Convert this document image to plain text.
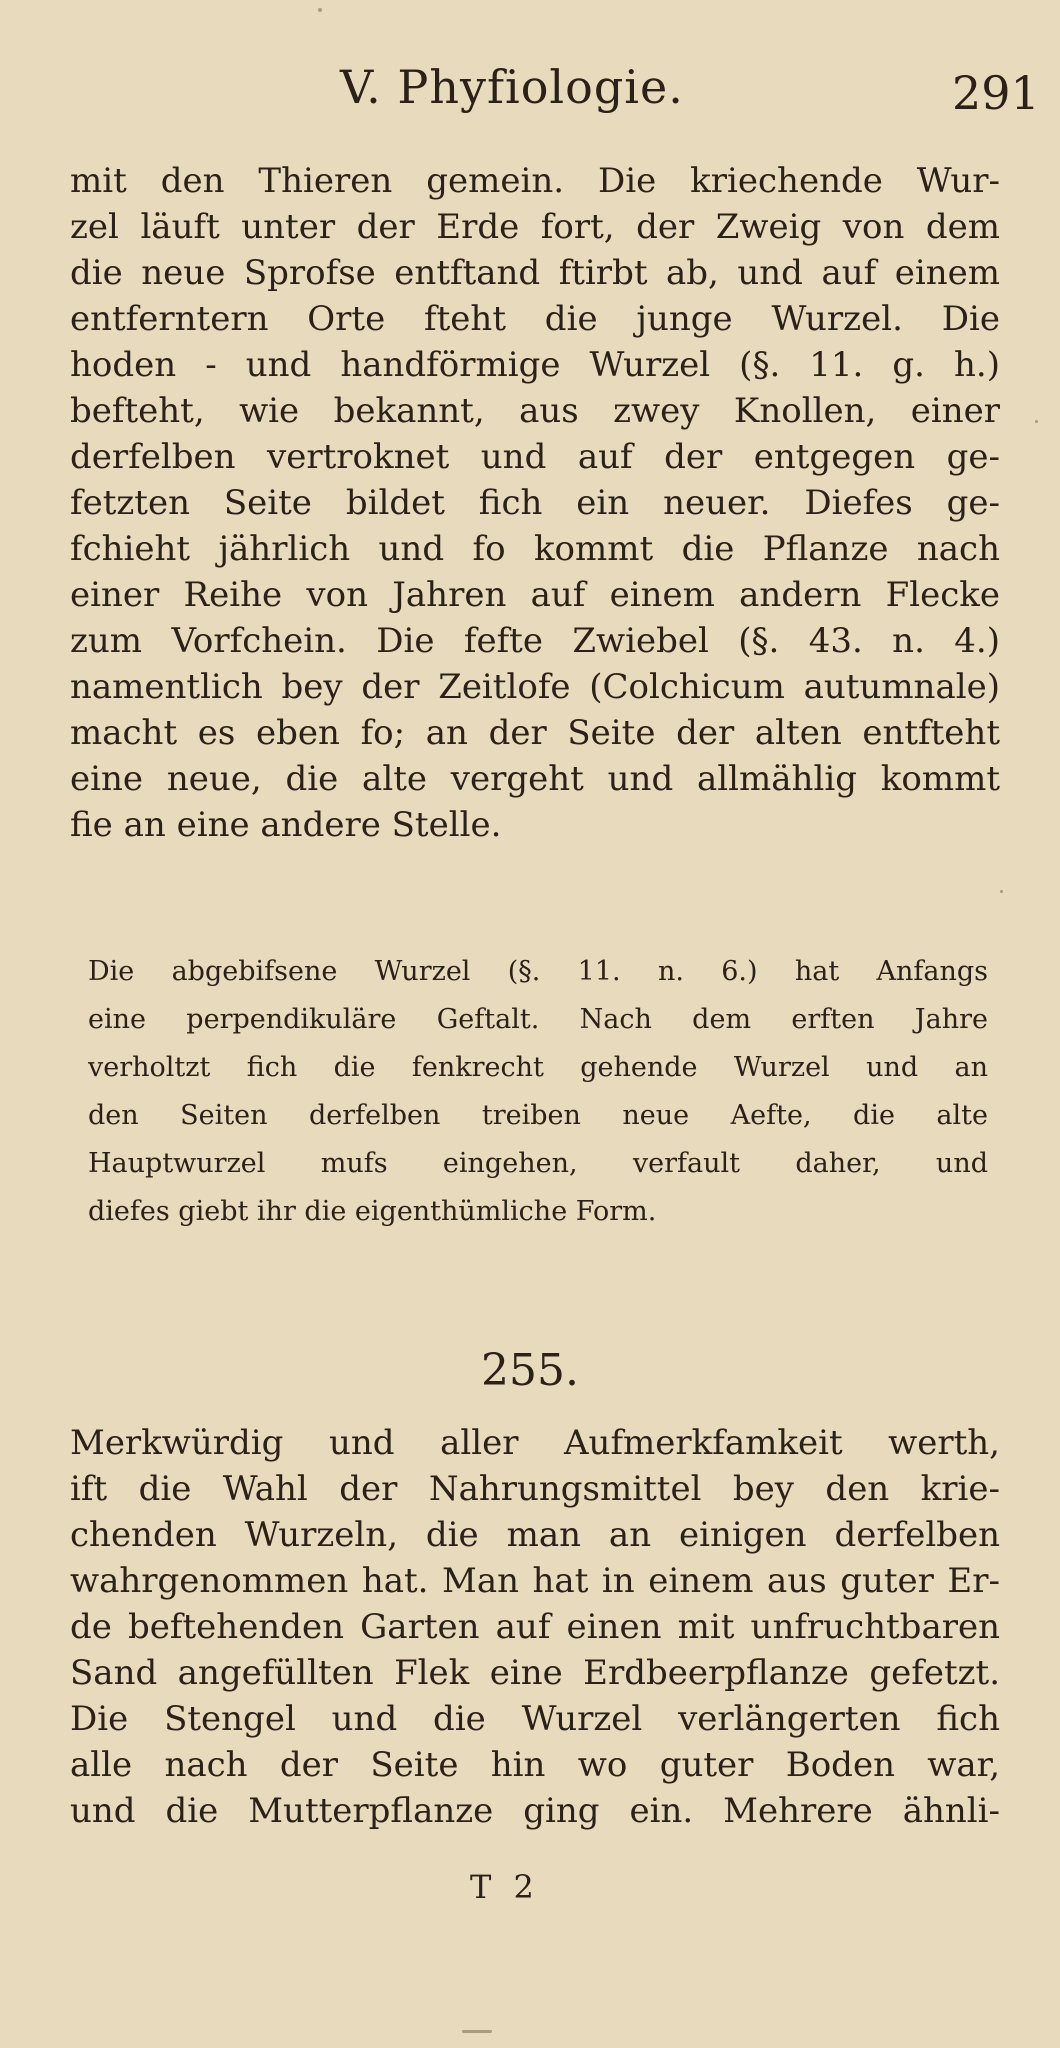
V. Phyfiologie.	291
mit den Thieren gemein. Die kriechende Wur-
zel läuft unter der Erde fort, der Zweig von dem
die neue Sprofse entftand ftirbt ab, und auf einem
entferntern Orte fteht die junge Wurzel. Die
hoden - und handförmige Wurzel (§. 11. g. h.)
befteht, wie bekannt, aus zwey Knollen, einer
derfelben vertroknet und auf der entgegen ge-
fetzten Seite bildet fich ein neuer. Diefes ge-
fchieht jährlich und fo kommt die Pflanze nach
einer Reihe von Jahren auf einem andern Flecke
zum Vorfchein. Die fefte Zwiebel (§. 43. n. 4.)
namentlich bey der Zeitlofe (Colchicum autumnale)
macht es eben fo; an der Seite der alten entfteht
eine neue, die alte vergeht und allmählig kommt
fie an eine andere Stelle.
Die abgebifsene Wurzel (§. 11. n. 6.) hat Anfangs
eine perpendikuläre Geftalt. Nach dem erften Jahre
verholtzt fich die fenkrecht gehende Wurzel und an
den Seiten derfelben treiben neue Aefte, die alte
Hauptwurzel mufs eingehen, verfault daher, und
diefes giebt ihr die eigenthümliche Form.
255.
Merkwürdig und aller Aufmerkfamkeit werth,
ift die Wahl der Nahrungsmittel bey den krie-
chenden Wurzeln, die man an einigen derfelben
wahrgenommen hat. Man hat in einem aus guter Er-
de beftehenden Garten auf einen mit unfruchtbaren
Sand angefüllten Flek eine Erdbeerpflanze gefetzt.
Die Stengel und die Wurzel verlängerten fich
alle nach der Seite hin wo guter Boden war,
und die Mutterpflanze ging ein. Mehrere ähnli-
T 2
